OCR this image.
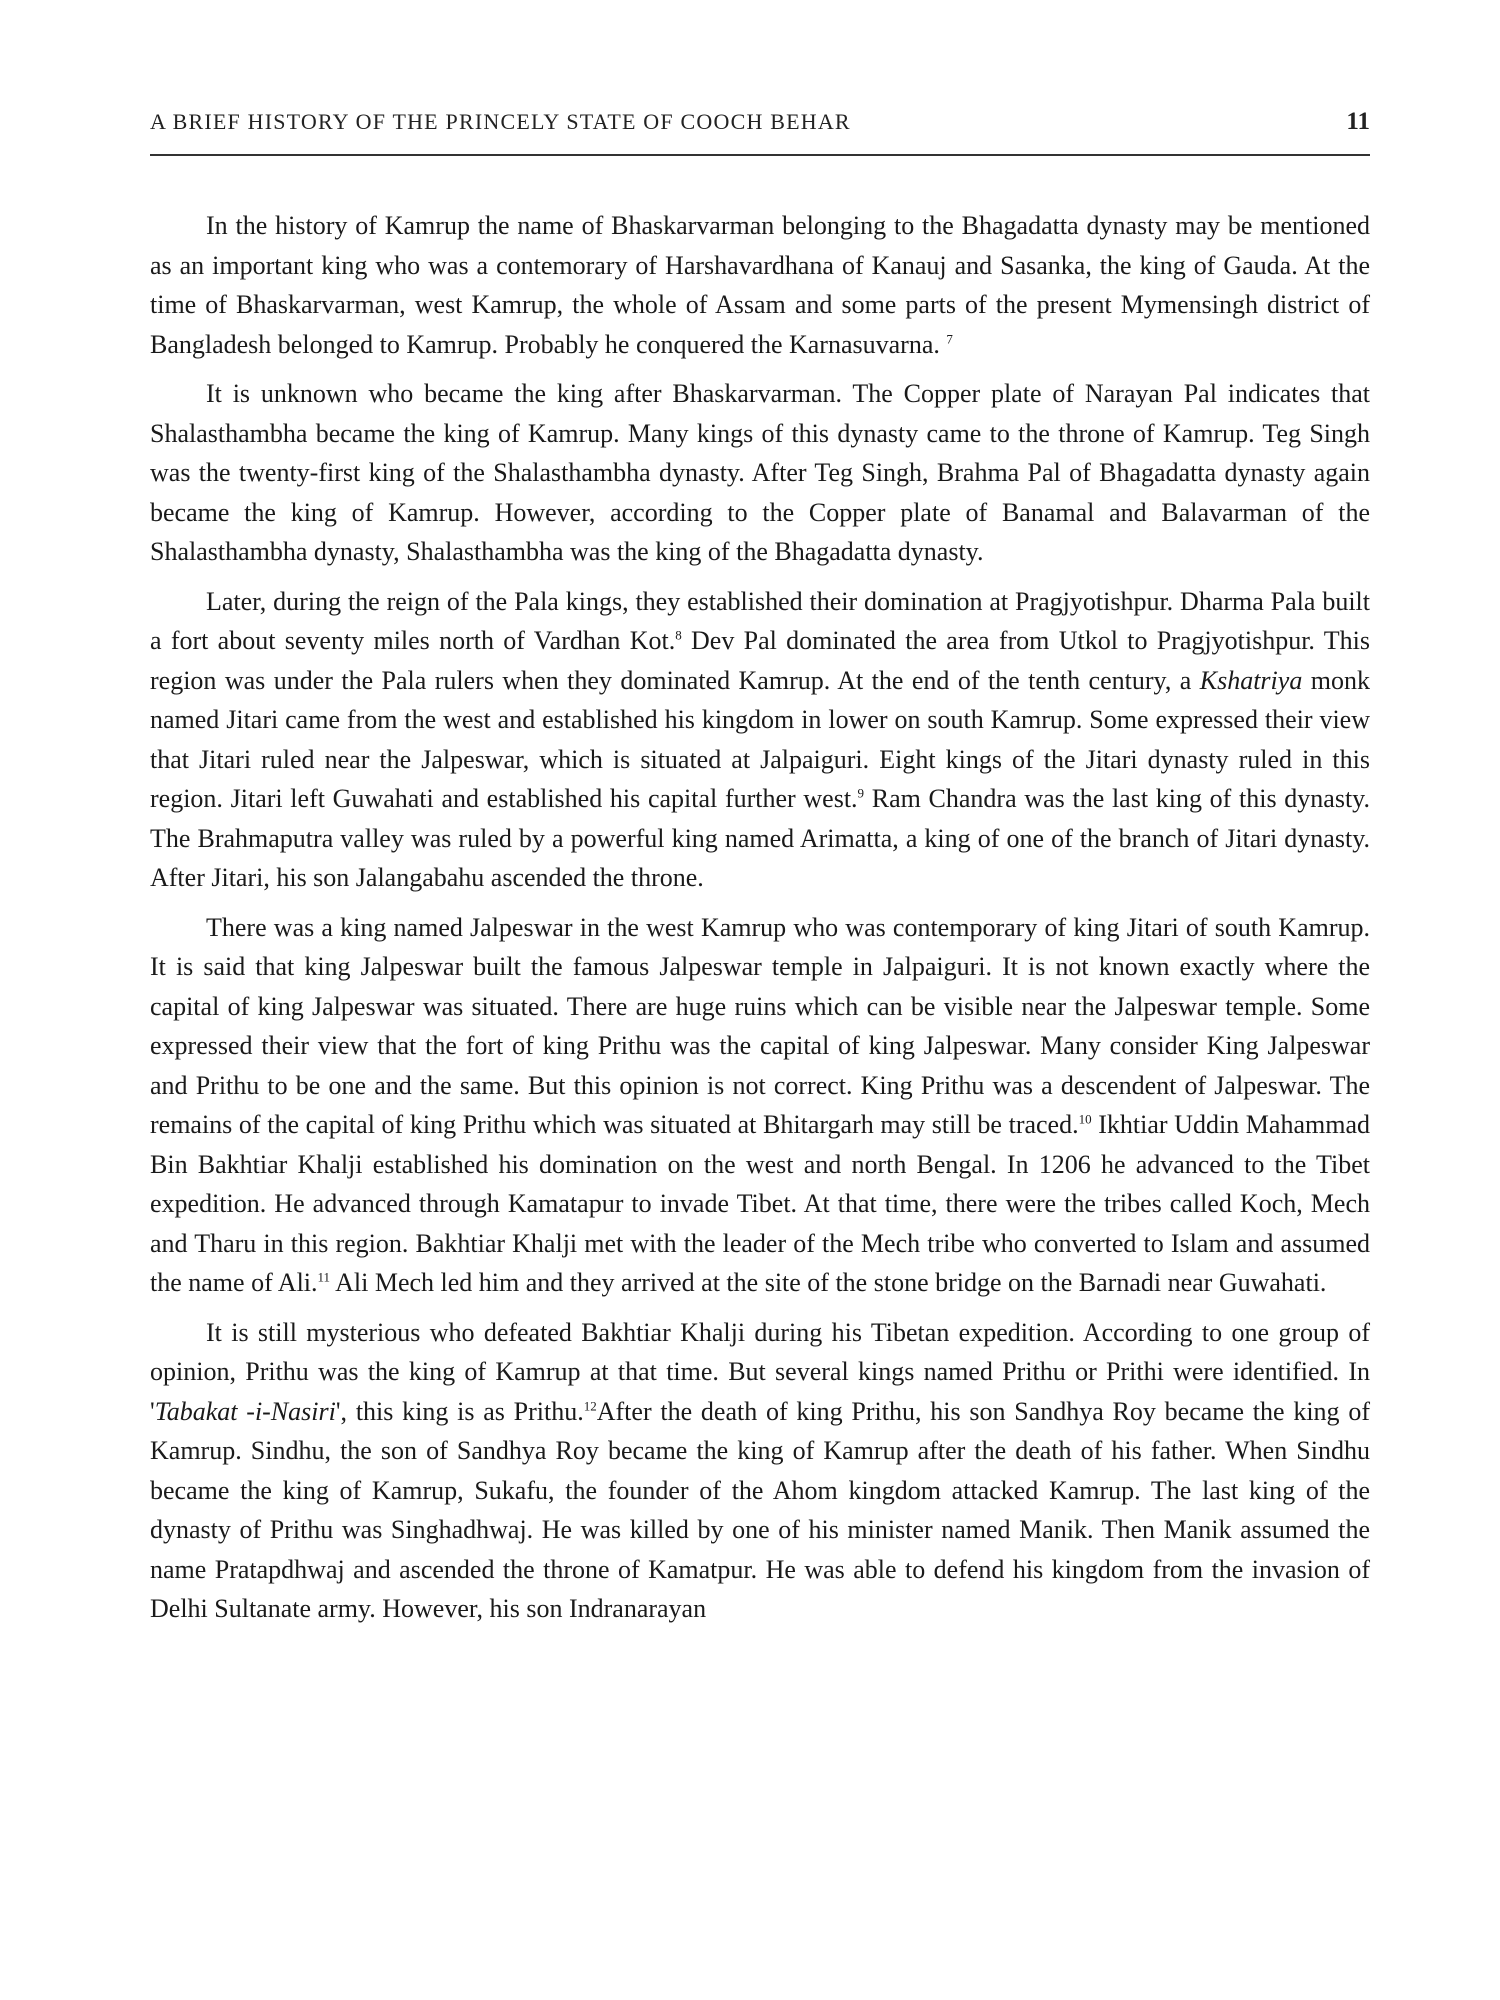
A BRIEF HISTORY OF THE PRINCELY STATE OF COOCH BEHAR	11

In the history of Kamrup the name of Bhaskarvarman belonging to the Bhagadatta dynasty may be mentioned as an important king who was a contemorary of Harshavardhana of Kanauj and Sasanka, the king of Gauda. At the time of Bhaskarvarman, west Kamrup, the whole of Assam and some parts of the present Mymensingh district of Bangladesh belonged to Kamrup. Probably he conquered the Karnasuvarna. $^7$

It is unknown who became the king after Bhaskarvarman. The Copper plate of Narayan Pal indicates that Shalasthambha became the king of Kamrup. Many kings of this dynasty came to the throne of Kamrup. Teg Singh was the twenty-first king of the Shalasthambha dynasty. After Teg Singh, Brahma Pal of Bhagadatta dynasty again became the king of Kamrup. However, according to the Copper plate of Banamal and Balavarman of the Shalasthambha dynasty, Shalasthambha was the king of the Bhagadatta dynasty.

Later, during the reign of the Pala kings, they established their domination at Pragjyotishpur. Dharma Pala built a fort about seventy miles north of Vardhan Kot.$^8$ Dev Pal dominated the area from Utkol to Pragjyotishpur. This region was under the Pala rulers when they dominated Kamrup. At the end of the tenth century, a Kshatriya monk named Jitari came from the west and established his kingdom in lower on south Kamrup. Some expressed their view that Jitari ruled near the Jalpeswar, which is situated at Jalpaiguri. Eight kings of the Jitari dynasty ruled in this region. Jitari left Guwahati and established his capital further west.$^9$ Ram Chandra was the last king of this dynasty. The Brahmaputra valley was ruled by a powerful king named Arimatta, a king of one of the branch of Jitari dynasty. After Jitari, his son Jalangabahu ascended the throne.

There was a king named Jalpeswar in the west Kamrup who was contemporary of king Jitari of south Kamrup. It is said that king Jalpeswar built the famous Jalpeswar temple in Jalpaiguri. It is not known exactly where the capital of king Jalpeswar was situated. There are huge ruins which can be visible near the Jalpeswar temple. Some expressed their view that the fort of king Prithu was the capital of king Jalpeswar. Many consider King Jalpeswar and Prithu to be one and the same. But this opinion is not correct. King Prithu was a descendent of Jalpeswar. The remains of the capital of king Prithu which was situated at Bhitargarh may still be traced.$^{10}$ Ikhtiar Uddin Mahammad Bin Bakhtiar Khalji established his domination on the west and north Bengal. In 1206 he advanced to the Tibet expedition. He advanced through Kamatapur to invade Tibet. At that time, there were the tribes called Koch, Mech and Tharu in this region. Bakhtiar Khalji met with the leader of the Mech tribe who converted to Islam and assumed the name of Ali.$^{11}$ Ali Mech led him and they arrived at the site of the stone bridge on the Barnadi near Guwahati.

It is still mysterious who defeated Bakhtiar Khalji during his Tibetan expedition. According to one group of opinion, Prithu was the king of Kamrup at that time. But several kings named Prithu or Prithi were identified. In 'Tabakat -i-Nasiri', this king is as Prithu.$^{12}$After the death of king Prithu, his son Sandhya Roy became the king of Kamrup. Sindhu, the son of Sandhya Roy became the king of Kamrup after the death of his father. When Sindhu became the king of Kamrup, Sukafu, the founder of the Ahom kingdom attacked Kamrup. The last king of the dynasty of Prithu was Singhadhwaj. He was killed by one of his minister named Manik. Then Manik assumed the name Pratapdhwaj and ascended the throne of Kamatpur. He was able to defend his kingdom from the invasion of Delhi Sultanate army. However, his son Indranarayan
